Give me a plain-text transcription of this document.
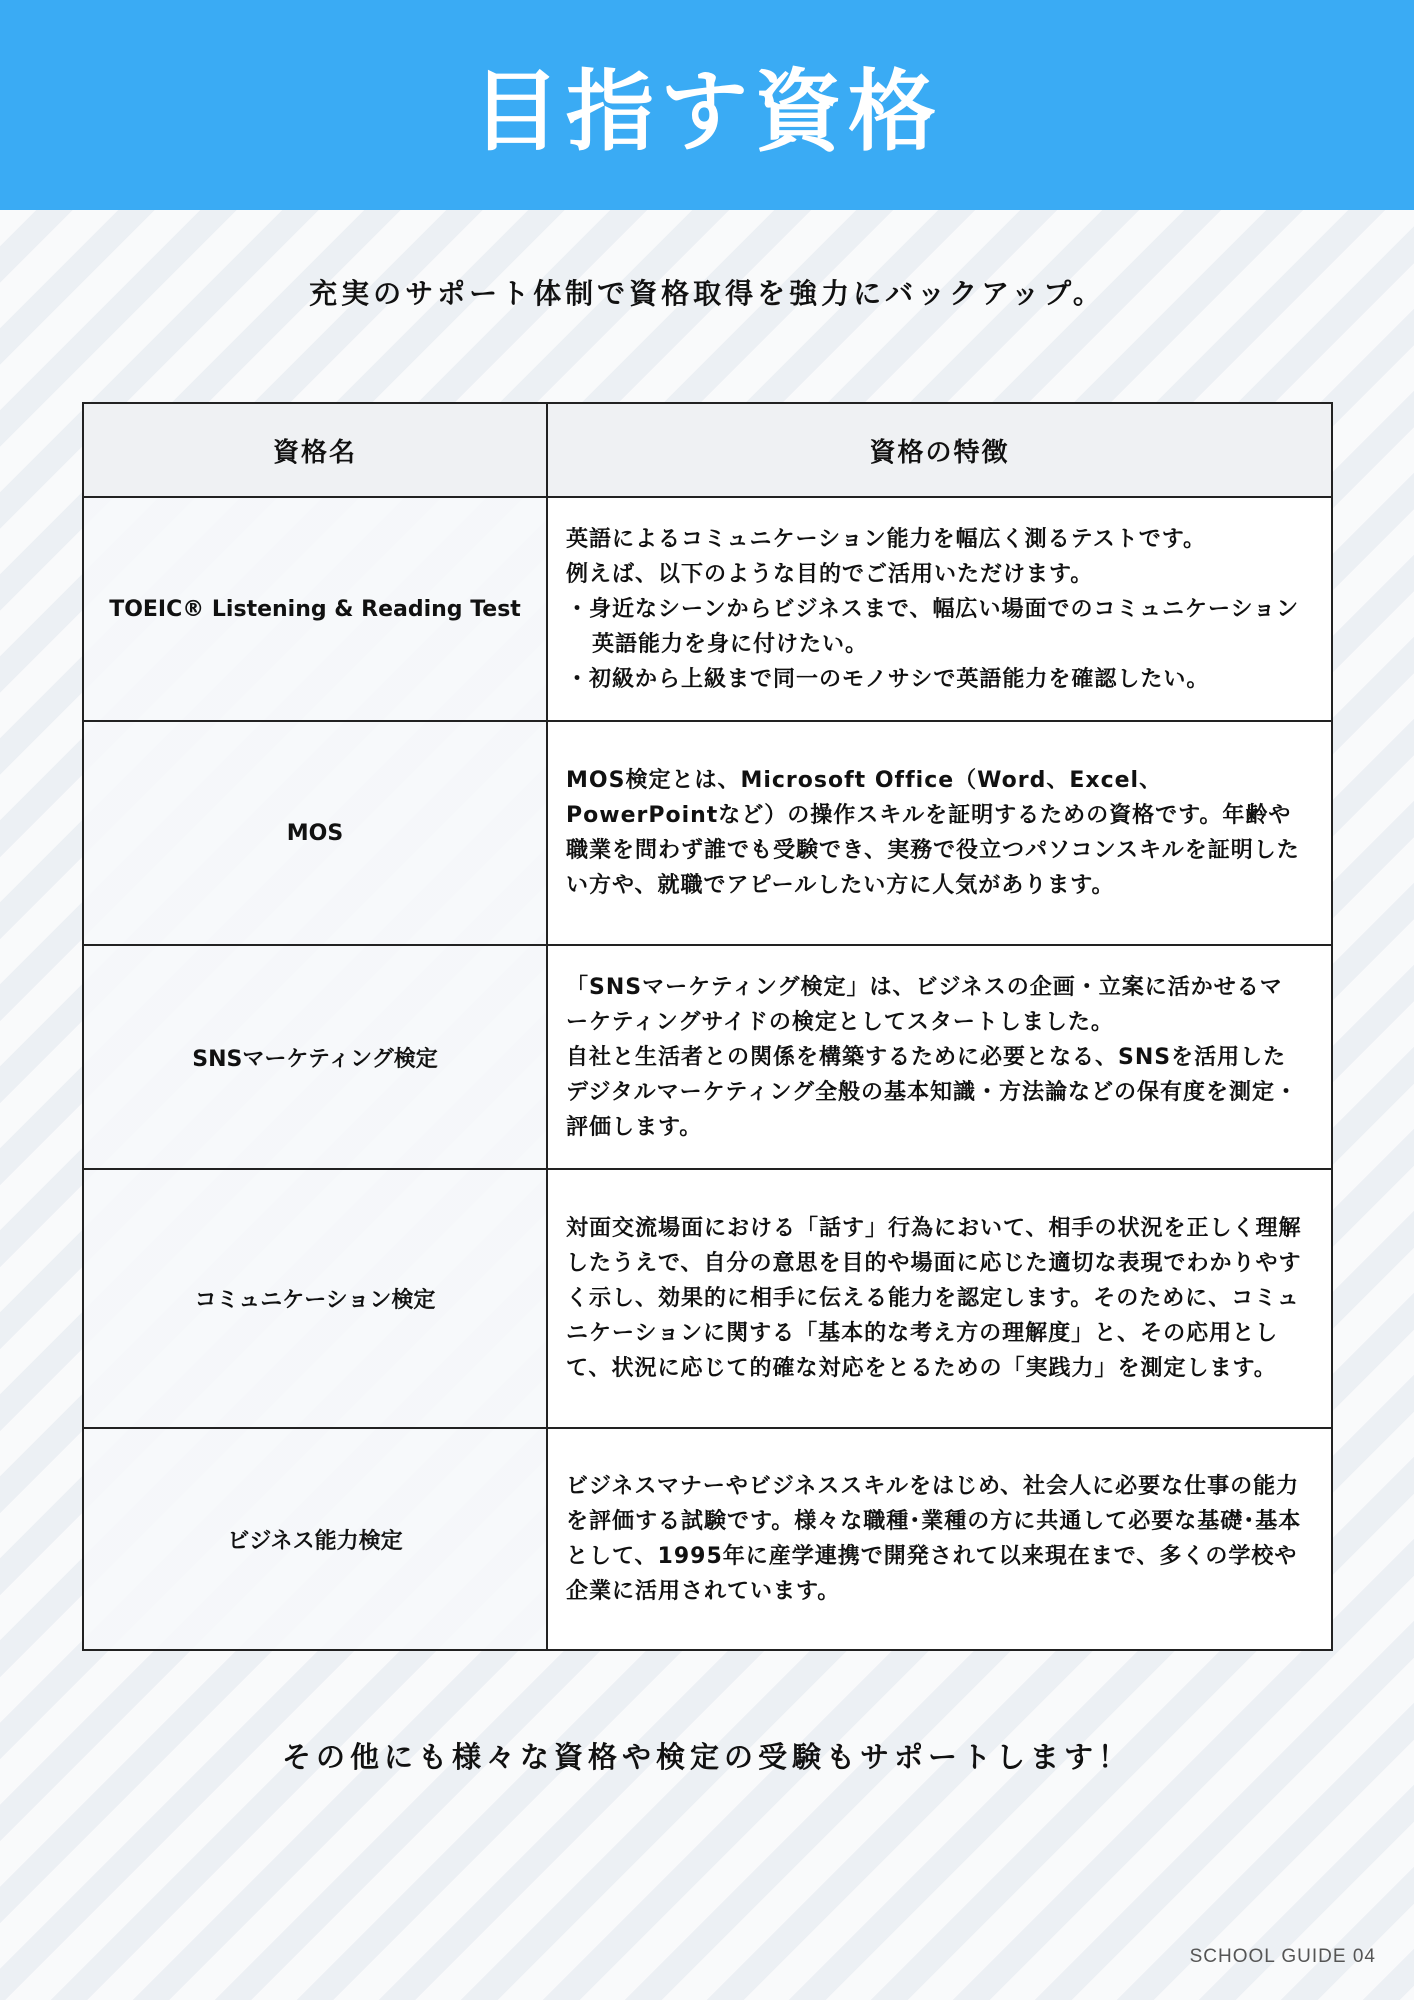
目指す資格
充実のサポート体制で資格取得を強力にバックアップ。
資格名	資格の特徴
TOEIC® Listening & Reading Test	英語によるコミュニケーション能力を幅広く測るテストです。

例えば、以下のような目的でご活用いただけます。

・身近なシーンからビジネスまで、幅広い場面でのコミュニケーション英語能力を身に付けたい。

・初級から上級まで同一のモノサシで英語能力を確認したい。

MOS	MOS検定とは、Microsoft Office（Word、Excel、PowerPointなど）の操作スキルを証明するための資格です。年齢や職業を問わず誰でも受験でき、実務で役立つパソコンスキルを証明したい方や、就職でアピールしたい方に人気があります。

SNSマーケティング検定	「SNSマーケティング検定」は、ビジネスの企画・立案に活かせるマーケティングサイドの検定としてスタートしました。

自社と生活者との関係を構築するために必要となる、SNSを活用したデジタルマーケティング全般の基本知識・方法論などの保有度を測定・評価します。

コミュニケーション検定	対面交流場面における「話す」行為において、相手の状況を正しく理解したうえで、自分の意思を目的や場面に応じた適切な表現でわかりやすく示し、効果的に相手に伝える能力を認定します。そのために、コミュニケーションに関する「基本的な考え方の理解度」と、その応用として、状況に応じて的確な対応をとるための「実践力」を測定します。

ビジネス能力検定	ビジネスマナーやビジネススキルをはじめ、社会人に必要な仕事の能力を評価する試験です。様々な職種･業種の方に共通して必要な基礎･基本として、1995年に産学連携で開発されて以来現在まで、多くの学校や企業に活用されています。

その他にも様々な資格や検定の受験もサポートします！
SCHOOL GUIDE 04
